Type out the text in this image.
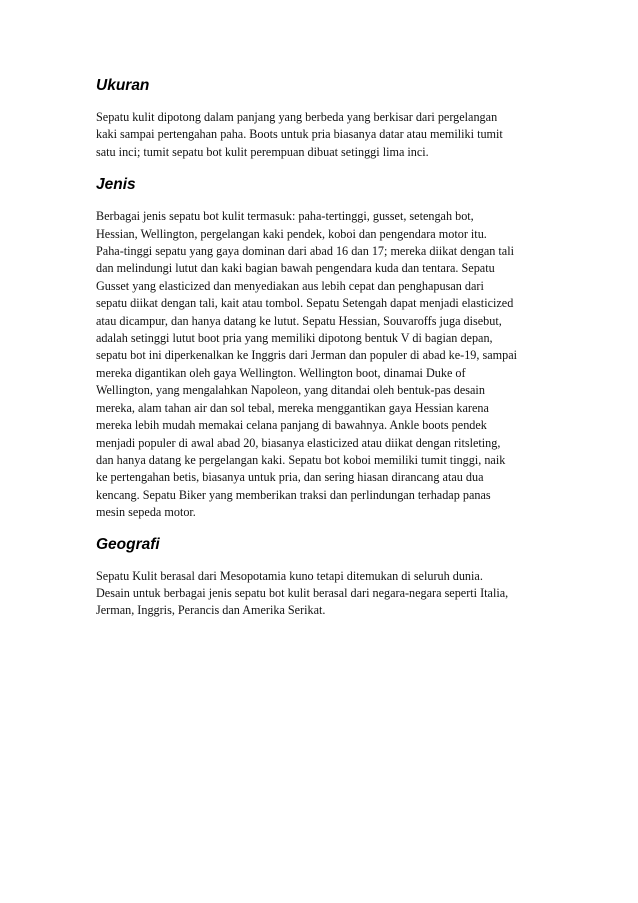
Ukuran

Sepatu kulit dipotong dalam panjang yang berbeda yang berkisar dari pergelangan
kaki sampai pertengahan paha. Boots untuk pria biasanya datar atau memiliki tumit
satu inci; tumit sepatu bot kulit perempuan dibuat setinggi lima inci.

Jenis

Berbagai jenis sepatu bot kulit termasuk: paha-tertinggi, gusset, setengah bot,
Hessian, Wellington, pergelangan kaki pendek, koboi dan pengendara motor itu.
Paha-tinggi sepatu yang gaya dominan dari abad 16 dan 17; mereka diikat dengan tali
dan melindungi lutut dan kaki bagian bawah pengendara kuda dan tentara. Sepatu
Gusset yang elasticized dan menyediakan aus lebih cepat dan penghapusan dari
sepatu diikat dengan tali, kait atau tombol. Sepatu Setengah dapat menjadi elasticized
atau dicampur, dan hanya datang ke lutut. Sepatu Hessian, Souvaroffs juga disebut,
adalah setinggi lutut boot pria yang memiliki dipotong bentuk V di bagian depan,
sepatu bot ini diperkenalkan ke Inggris dari Jerman dan populer di abad ke-19, sampai
mereka digantikan oleh gaya Wellington. Wellington boot, dinamai Duke of
Wellington, yang mengalahkan Napoleon, yang ditandai oleh bentuk-pas desain
mereka, alam tahan air dan sol tebal, mereka menggantikan gaya Hessian karena
mereka lebih mudah memakai celana panjang di bawahnya. Ankle boots pendek
menjadi populer di awal abad 20, biasanya elasticized atau diikat dengan ritsleting,
dan hanya datang ke pergelangan kaki. Sepatu bot koboi memiliki tumit tinggi, naik
ke pertengahan betis, biasanya untuk pria, dan sering hiasan dirancang atau dua
kencang. Sepatu Biker yang memberikan traksi dan perlindungan terhadap panas
mesin sepeda motor.

Geografi

Sepatu Kulit berasal dari Mesopotamia kuno tetapi ditemukan di seluruh dunia.
Desain untuk berbagai jenis sepatu bot kulit berasal dari negara-negara seperti Italia,
Jerman, Inggris, Perancis dan Amerika Serikat.
